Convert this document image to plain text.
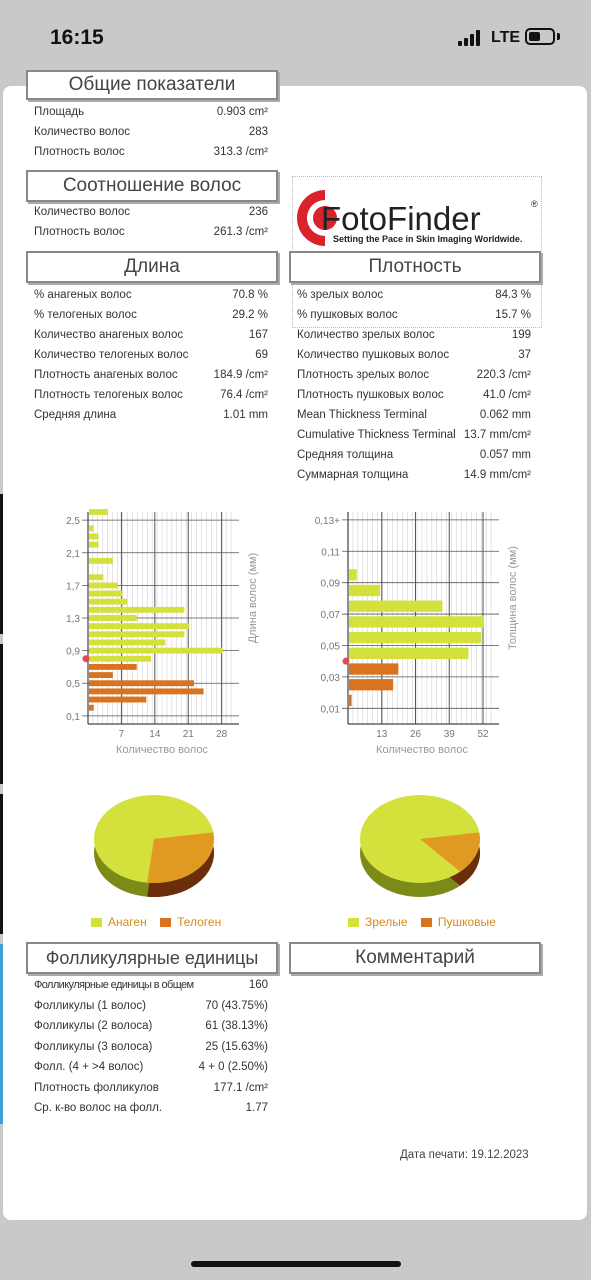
16:15	LTE
Общие показатели
Площадь	0.903 cm²
Количество волос	283
Плотность волос	313.3 /cm²
Соотношение волос
Количество волос	236
Плотность волос	261.3 /cm² FotoFinder	®
Setting the Pace in Skin Imaging Worldwide.
Длина
% анагеных волос	70.8 %
% телогеных волос	29.2 %
Количество анагеных волос	167
Количество телогеных волос	69
Плотность анагеных волос	184.9 /cm²
Плотность телогеных волос	76.4 /cm²
Средняя длина	1.01 mm
Плотность
% зрелых волос	84.3 %
% пушковых волос	15.7 %
Количество зрелых волос	199
Количество пушковых волос	37
Плотность зрелых волос	220.3 /cm²
Плотность пушковых волос	41.0 /cm²
Mean Thickness Terminal	0.062 mm
Cumulative Thickness Terminal 13.7 mm/cm²
Средняя толщина	0.057 mm
Суммарная толщина	14.9 mm/cm²
7	14 21 28
0,1
0,5
0,9
1,3
1,7
2,1
2,5
Количество волос
Длина волос (мм)
13 26 39 52
0,01
0,03
0,05
0,07
0,09
0,11
0,13+
Количество волос
Толщина волос (мм)
Анаген	Телоген	Зрелые	Пушковые
Фолликулярные единицы	Комментарий
Фолликулярные единицы в общем	160
Фолликулы (1 волос)	70 (43.75%)
Фолликулы (2 волоса)	61 (38.13%)
Фолликулы (3 волоса)	25 (15.63%)
Фолл. (4 + >4 волос)	4 + 0 (2.50%)
Плотность фолликулов	177.1 /cm²
Ср. к-во волос на фолл.	1.77
Дата печати: 19.12.2023
